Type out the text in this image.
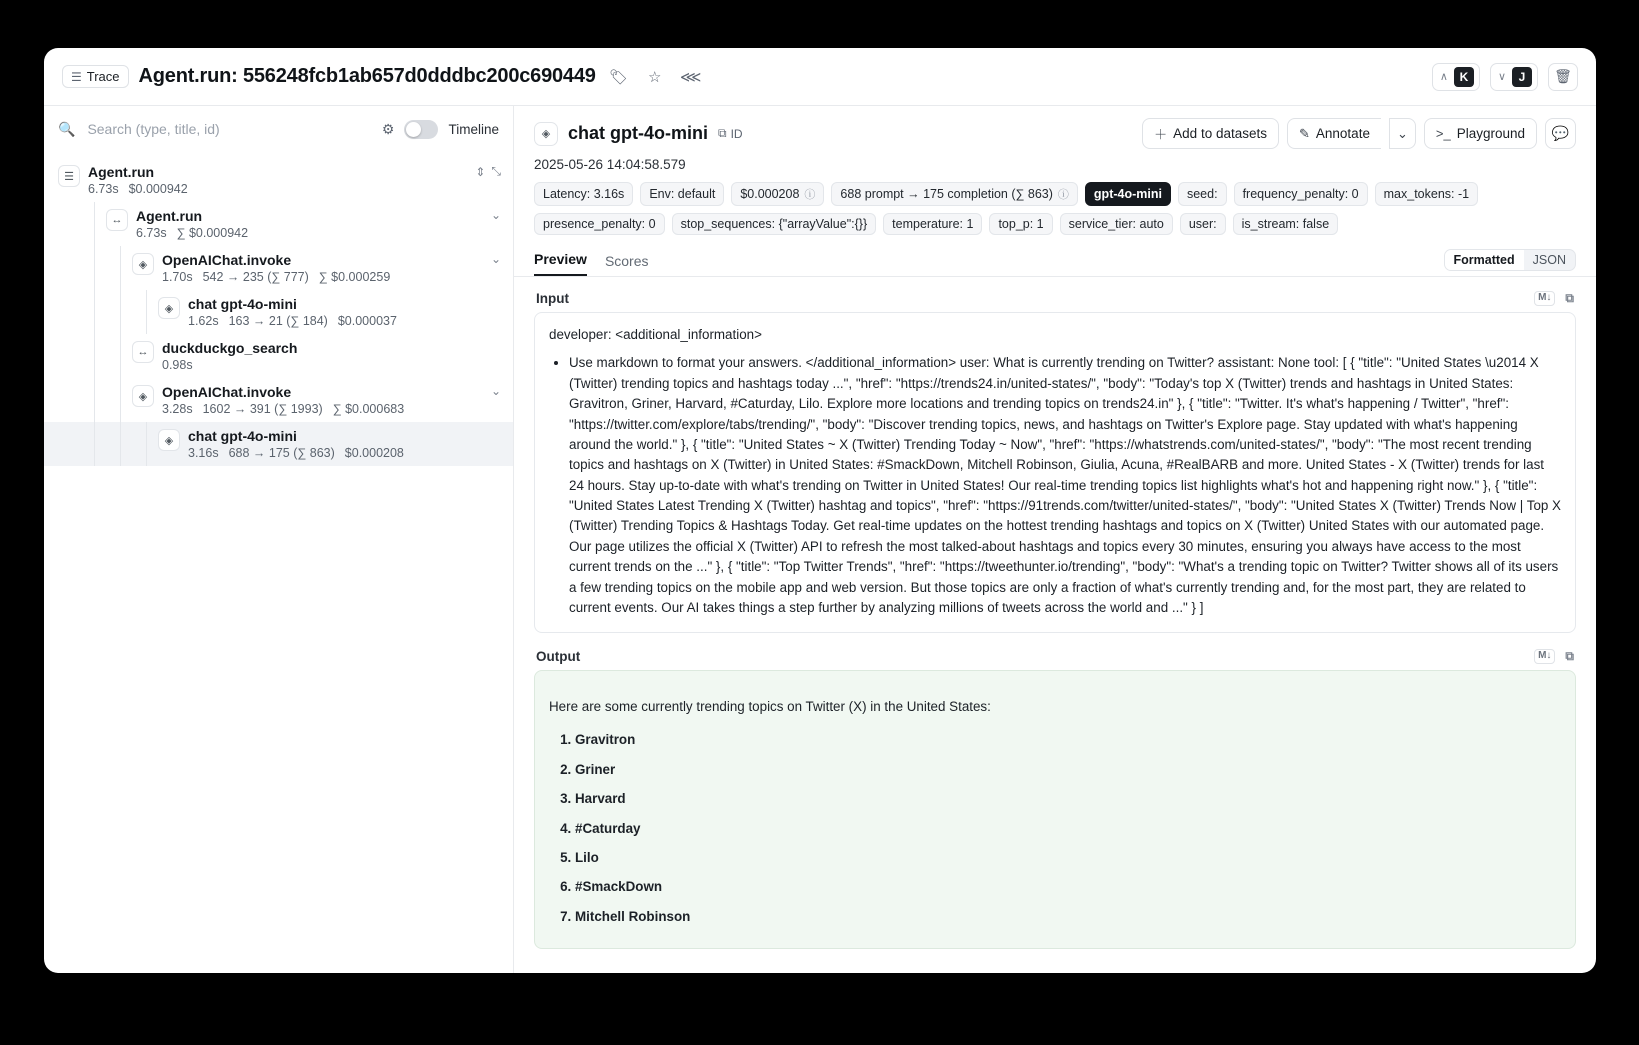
☰ Trace Agent.run: 556248fcb1ab657d0dddbc200c690449 🏷	☆	⋘	∧ K	∨	J	🗑
🔍
Search (type, title, id)	⚙	Timeline
☰	Agent.run
6.73s $0.000942
⇕ ⤡
↔ Agent.run
6.73s ∑ $0.000942
⌄
◈	OpenAIChat.invoke
1.70s 542 → 235 (∑ 777) ∑ $0.000259
⌄
◈	chat gpt-4o-mini
1.62s 163 → 21 (∑ 184) $0.000037
↔ duckduckgo_search
0.98s
◈	OpenAIChat.invoke
3.28s 1602 → 391 (∑ 1993) ∑ $0.000683
⌄
◈	chat gpt-4o-mini
3.16s 688 → 175 (∑ 863) $0.000208
◈ chat gpt-4o-mini ⧉ ID	＋ Add to datasets ✎ Annotate ⌄ >_ Playground	💬
2025-05-26 14:04:58.579
Latency: 3.16s Env: default $0.000208 ⓘ 688 prompt → 175 completion (∑ 863) ⓘ gpt-4o-mini seed: frequency_penalty: 0 max_tokens: -1
presence_penalty: 0 stop_sequences: {"arrayValue":{}} temperature: 1 top_p: 1 service_tier: auto user: is_stream: false
Preview Scores	Formatted	JSON
Input	M↓	⧉

developer: <additional_information>

• Use markdown to format your answers. </additional_information> user: What is currently trending on Twitter? assistant: None tool: [ { "title": "United States \u2014 X (Twitter) trending topics and hashtags today ...", "href": "https://trends24.in/united-states/", "body": "Today's top X (Twitter) trends and hashtags in United States: Gravitron, Griner, Harvard, #Caturday, Lilo. Explore more locations and trending topics on trends24.in" }, { "title": "Twitter. It's what's happening / Twitter", "href": "https://twitter.com/explore/tabs/trending/", "body": "Discover trending topics, news, and hashtags on Twitter's Explore page. Stay updated with what's happening around the world." }, { "title": "United States ~ X (Twitter) Trending Today ~ Now", "href": "https://whatstrends.com/united-states/", "body": "The most recent trending topics and hashtags on X (Twitter) in United States: #SmackDown, Mitchell Robinson, Giulia, Acuna, #RealBARB and more. United States - X (Twitter) trends for last 24 hours. Stay up-to-date with what's trending on Twitter in United States! Our real-time trending topics list highlights what's hot and happening right now." }, { "title": "United States Latest Trending X (Twitter) hashtag and topics", "href": "https://91trends.com/twitter/united-states/", "body": "United States X (Twitter) Trends Now | Top X (Twitter) Trending Topics & Hashtags Today. Get real-time updates on the hottest trending hashtags and topics on X (Twitter) United States with our automated page. Our page utilizes the official X (Twitter) API to refresh the most talked-about hashtags and topics every 30 minutes, ensuring you always have access to the most current trends on the ..." }, { "title": "Top Twitter Trends", "href": "https://tweethunter.io/trending", "body": "What's a trending topic on Twitter? Twitter shows all of its users a few trending topics on the mobile app and web version. But those topics are only a fraction of what's currently trending and, for the most part, they are related to current events. Our AI takes things a step further by analyzing millions of tweets across the world and ..." } ]
Output	M↓	⧉

Here are some currently trending topics on Twitter (X) in the United States:

1. Gravitron
2. Griner
3. Harvard
4. #Caturday
5. Lilo
6. #SmackDown
7. Mitchell Robinson
